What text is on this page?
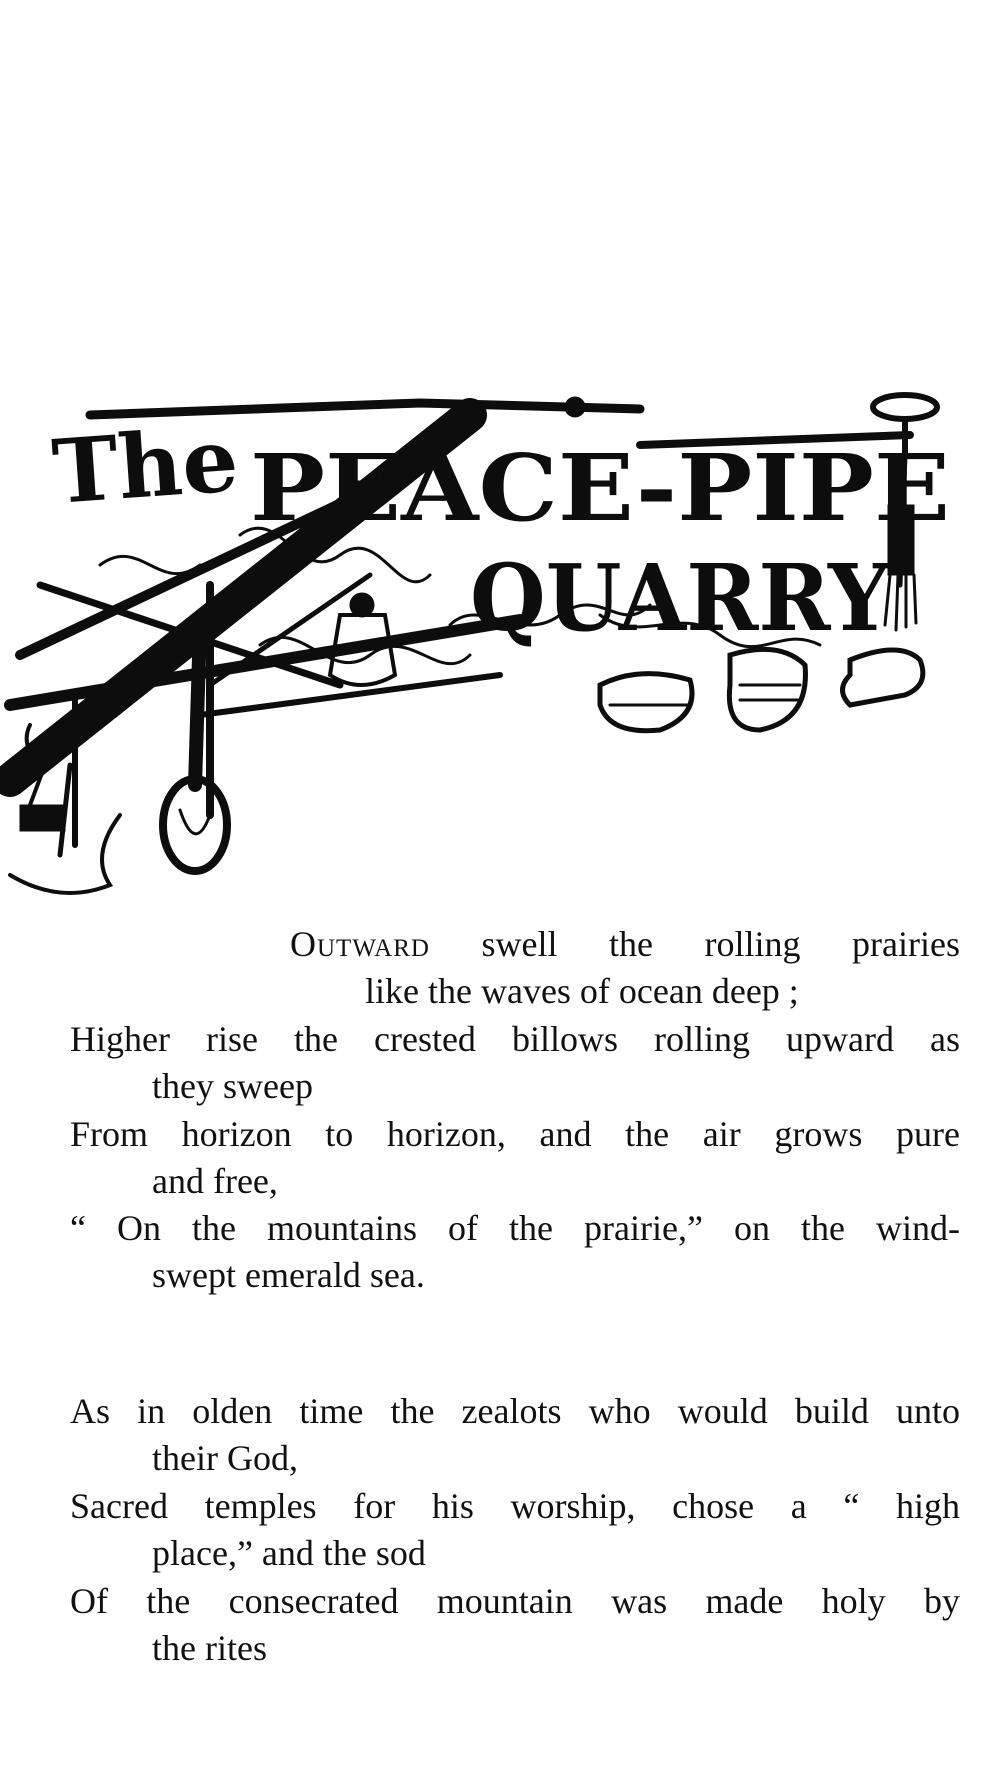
The PEACE-PIPE
QUARRY

Outward swell the rolling prairies

like the waves of ocean deep ;

Higher rise the crested billows rolling upward as

they sweep

From horizon to horizon, and the air grows pure

and free,

“ On the mountains of the prairie,” on the wind-

swept emerald sea.

As in olden time the zealots who would build unto

their God,

Sacred temples for his worship, chose a “ high

place,” and the sod

Of the consecrated mountain was made holy by

the rites
